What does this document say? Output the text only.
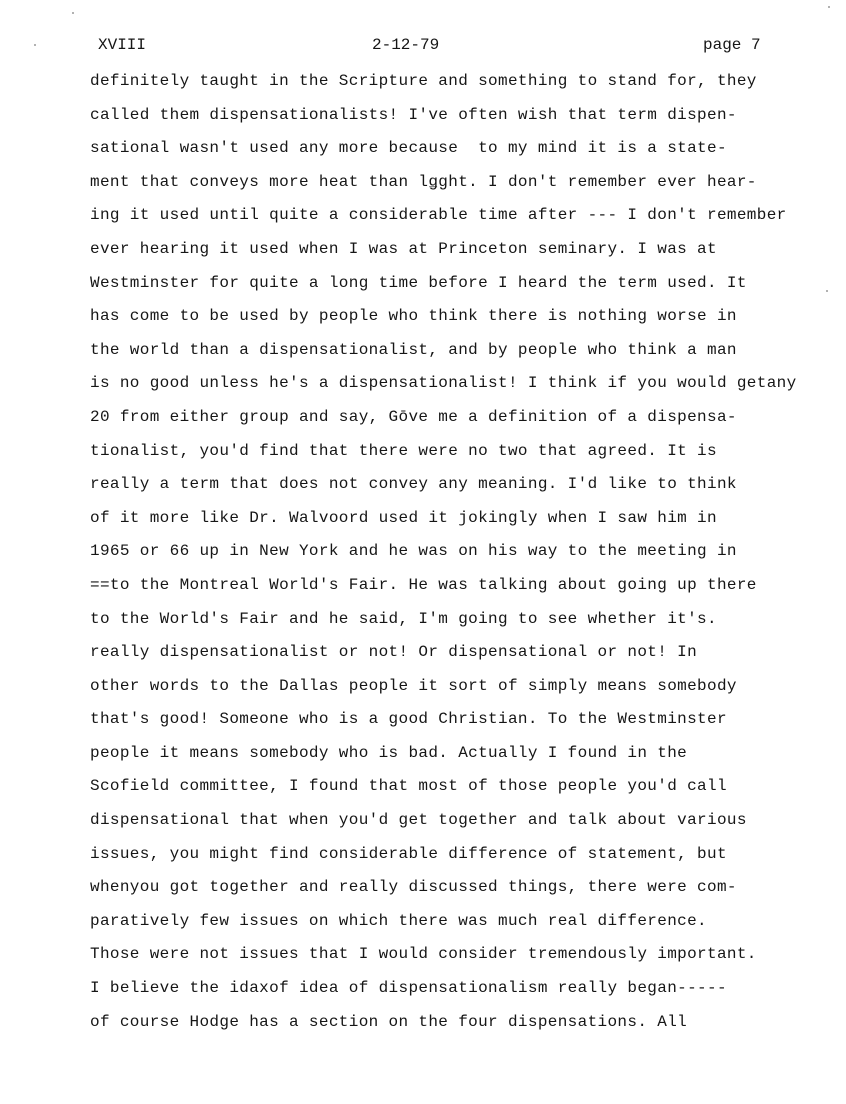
XVIII	2-12-79	page 7
definitely taught in the Scripture and something to stand for, they
called them dispensationalists! I've often wish that term dispen-
sational wasn't used any more because  to my mind it is a state-
ment that conveys more heat than lǥght. I don't remember ever hear-
ing it used until quite a considerable time after --- I don't remember
ever hearing it used when I was at Princeton seminary. I was at
Westminster for quite a long time before I heard the term used. It
has come to be used by people who think there is nothing worse in
the world than a dispensationalist, and by people who think a man
is no good unless he's a dispensationalist! I think if you would getany
20 from either group and say, Gōve me a definition of a dispensa-
tionalist, you'd find that there were no two that agreed. It is
really a term that does not convey any meaning. I'd like to think
of it more like Dr. Walvoord used it jokingly when I saw him in
1965 or 66 up in New York and he was on his way to the meeting in
==to the Montreal World's Fair. He was talking about going up there
to the World's Fair and he said, I'm going to see whether it's.
really dispensationalist or not! Or dispensational or not! In
other words to the Dallas people it sort of simply means somebody
that's good! Someone who is a good Christian. To the Westminster
people it means somebody who is bad. Actually I found in the
Scofield committee, I found that most of those people you'd call
dispensational that when you'd get together and talk about various
issues, you might find considerable difference of statement, but
whenyou got together and really discussed things, there were com-
paratively few issues on which there was much real difference.
Those were not issues that I would consider tremendously important.
I believe the idaxof idea of dispensationalism really began-----
of course Hodge has a section on the four dispensations. All
